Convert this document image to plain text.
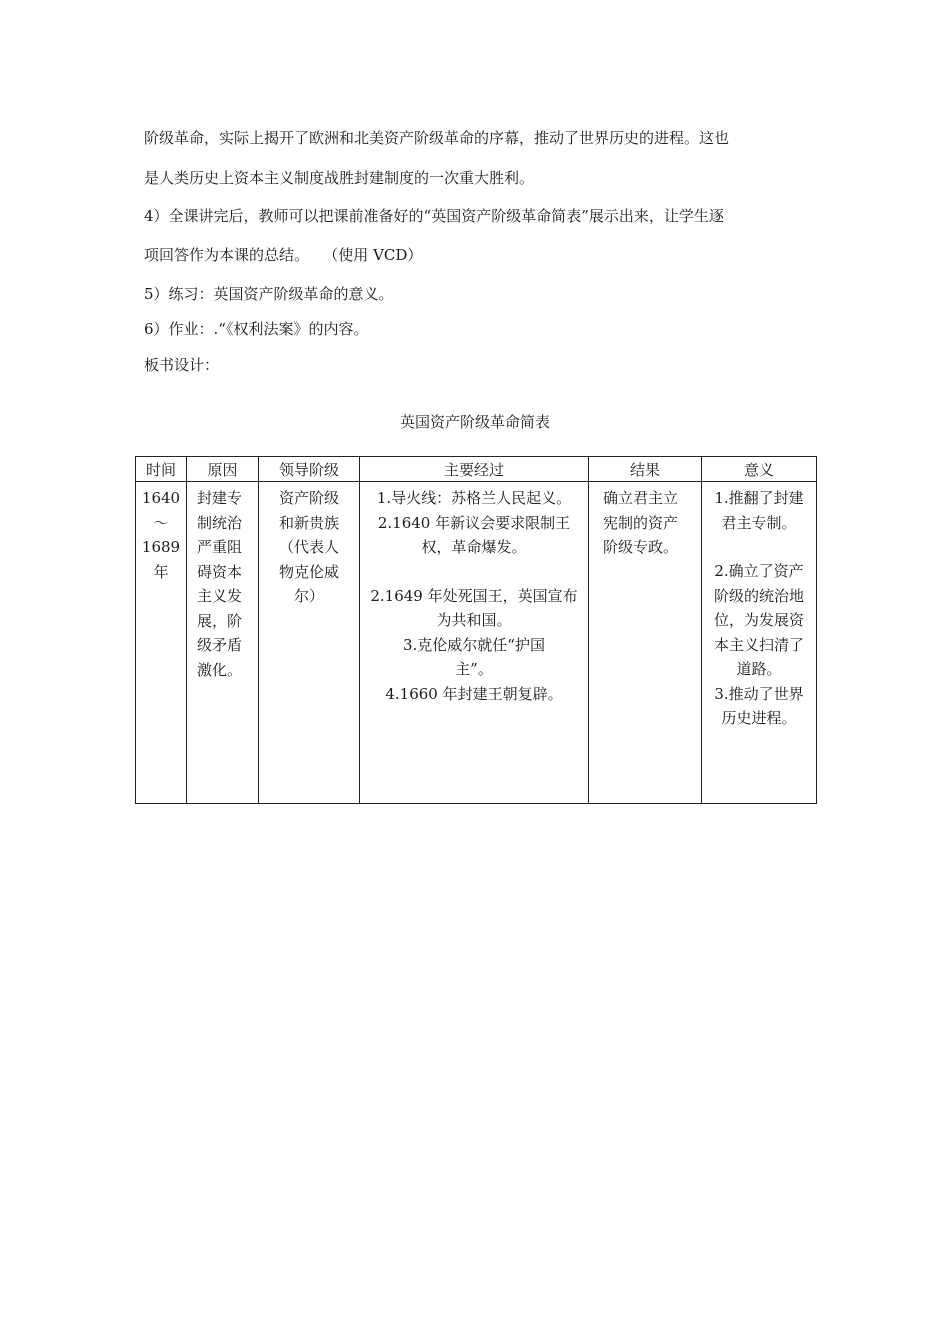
阶级革命，实际上揭开了欧洲和北美资产阶级革命的序幕，推动了世界历史的进程。这也
是人类历史上资本主义制度战胜封建制度的一次重大胜利。
4）全课讲完后，教师可以把课前准备好的“英国资产阶级革命简表”展示出来，让学生逐
项回答作为本课的总结。   （使用 VCD）
5）练习：英国资产阶级革命的意义。
6）作业：.“《权利法案》的内容。
板书设计：
英国资产阶级革命简表
时间	原因	领导阶级	主要经过	结果	意义

1640
～
1689
年	封建专制统治严重阻碍资本主义发展，阶级矛盾激化。	资产阶级和新贵族（代表人物克伦威尔）	1.导火线：苏格兰人民起义。2.1640 年新议会要求限制王权，革命爆发。
2.1649 年处死国王，英国宣布为共和国。
3.克伦威尔就任“护国主”。
4.1660 年封建王朝复辟。	确立君主立宪制的资产阶级专政。	1.推翻了封建君主专制。
2.确立了资产阶级的统治地位，为发展资本主义扫清了道路。
3.推动了世界历史进程。
